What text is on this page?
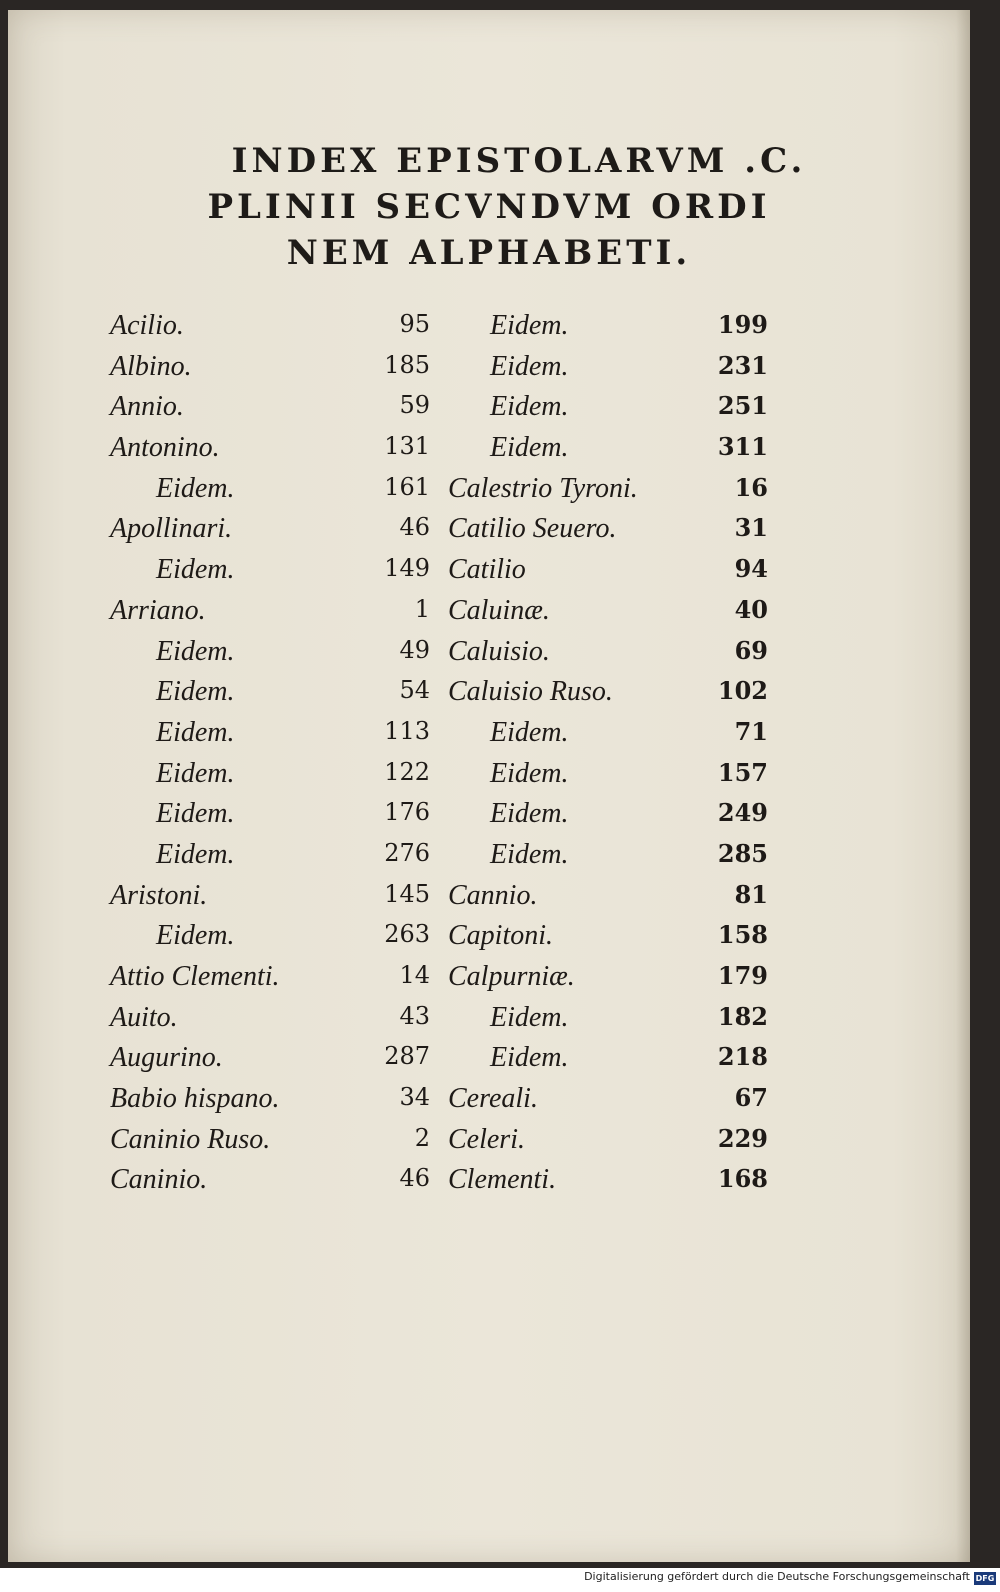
INDEX EPISTOLARVM .C.
PLINII SECVNDVM ORDI
NEM ALPHABETI.
Acilio.	95 Eidem.	199
Albino.	185 Eidem.	231
Annio.	59 Eidem.	251
Antonino.	131 Eidem.	311
Eidem.	161 Calestrio Tyroni.	16
Apollinari.	46 Catilio Seuero.	31
Eidem.	149 Catilio	94
Arriano.	1 Caluinæ.	40
Eidem.	49 Caluisio.	69
Eidem.	54 Caluisio Ruso.	102
Eidem.	113 Eidem.	71
Eidem.	122 Eidem.	157
Eidem.	176 Eidem.	249
Eidem.	276 Eidem.	285
Aristoni.	145 Cannio.	81
Eidem.	263 Capitoni.	158
Attio Clementi.	14 Calpurniæ.	179
Auito.	43 Eidem.	182
Augurino.	287 Eidem.	218
Babio hispano.	34 Cereali.	67
Caninio Ruso.	2 Celeri.	229
Caninio.	46 Clementi.	168
Digitalisierung gefördert durch die Deutsche Forschungsgemeinschaft DFG
